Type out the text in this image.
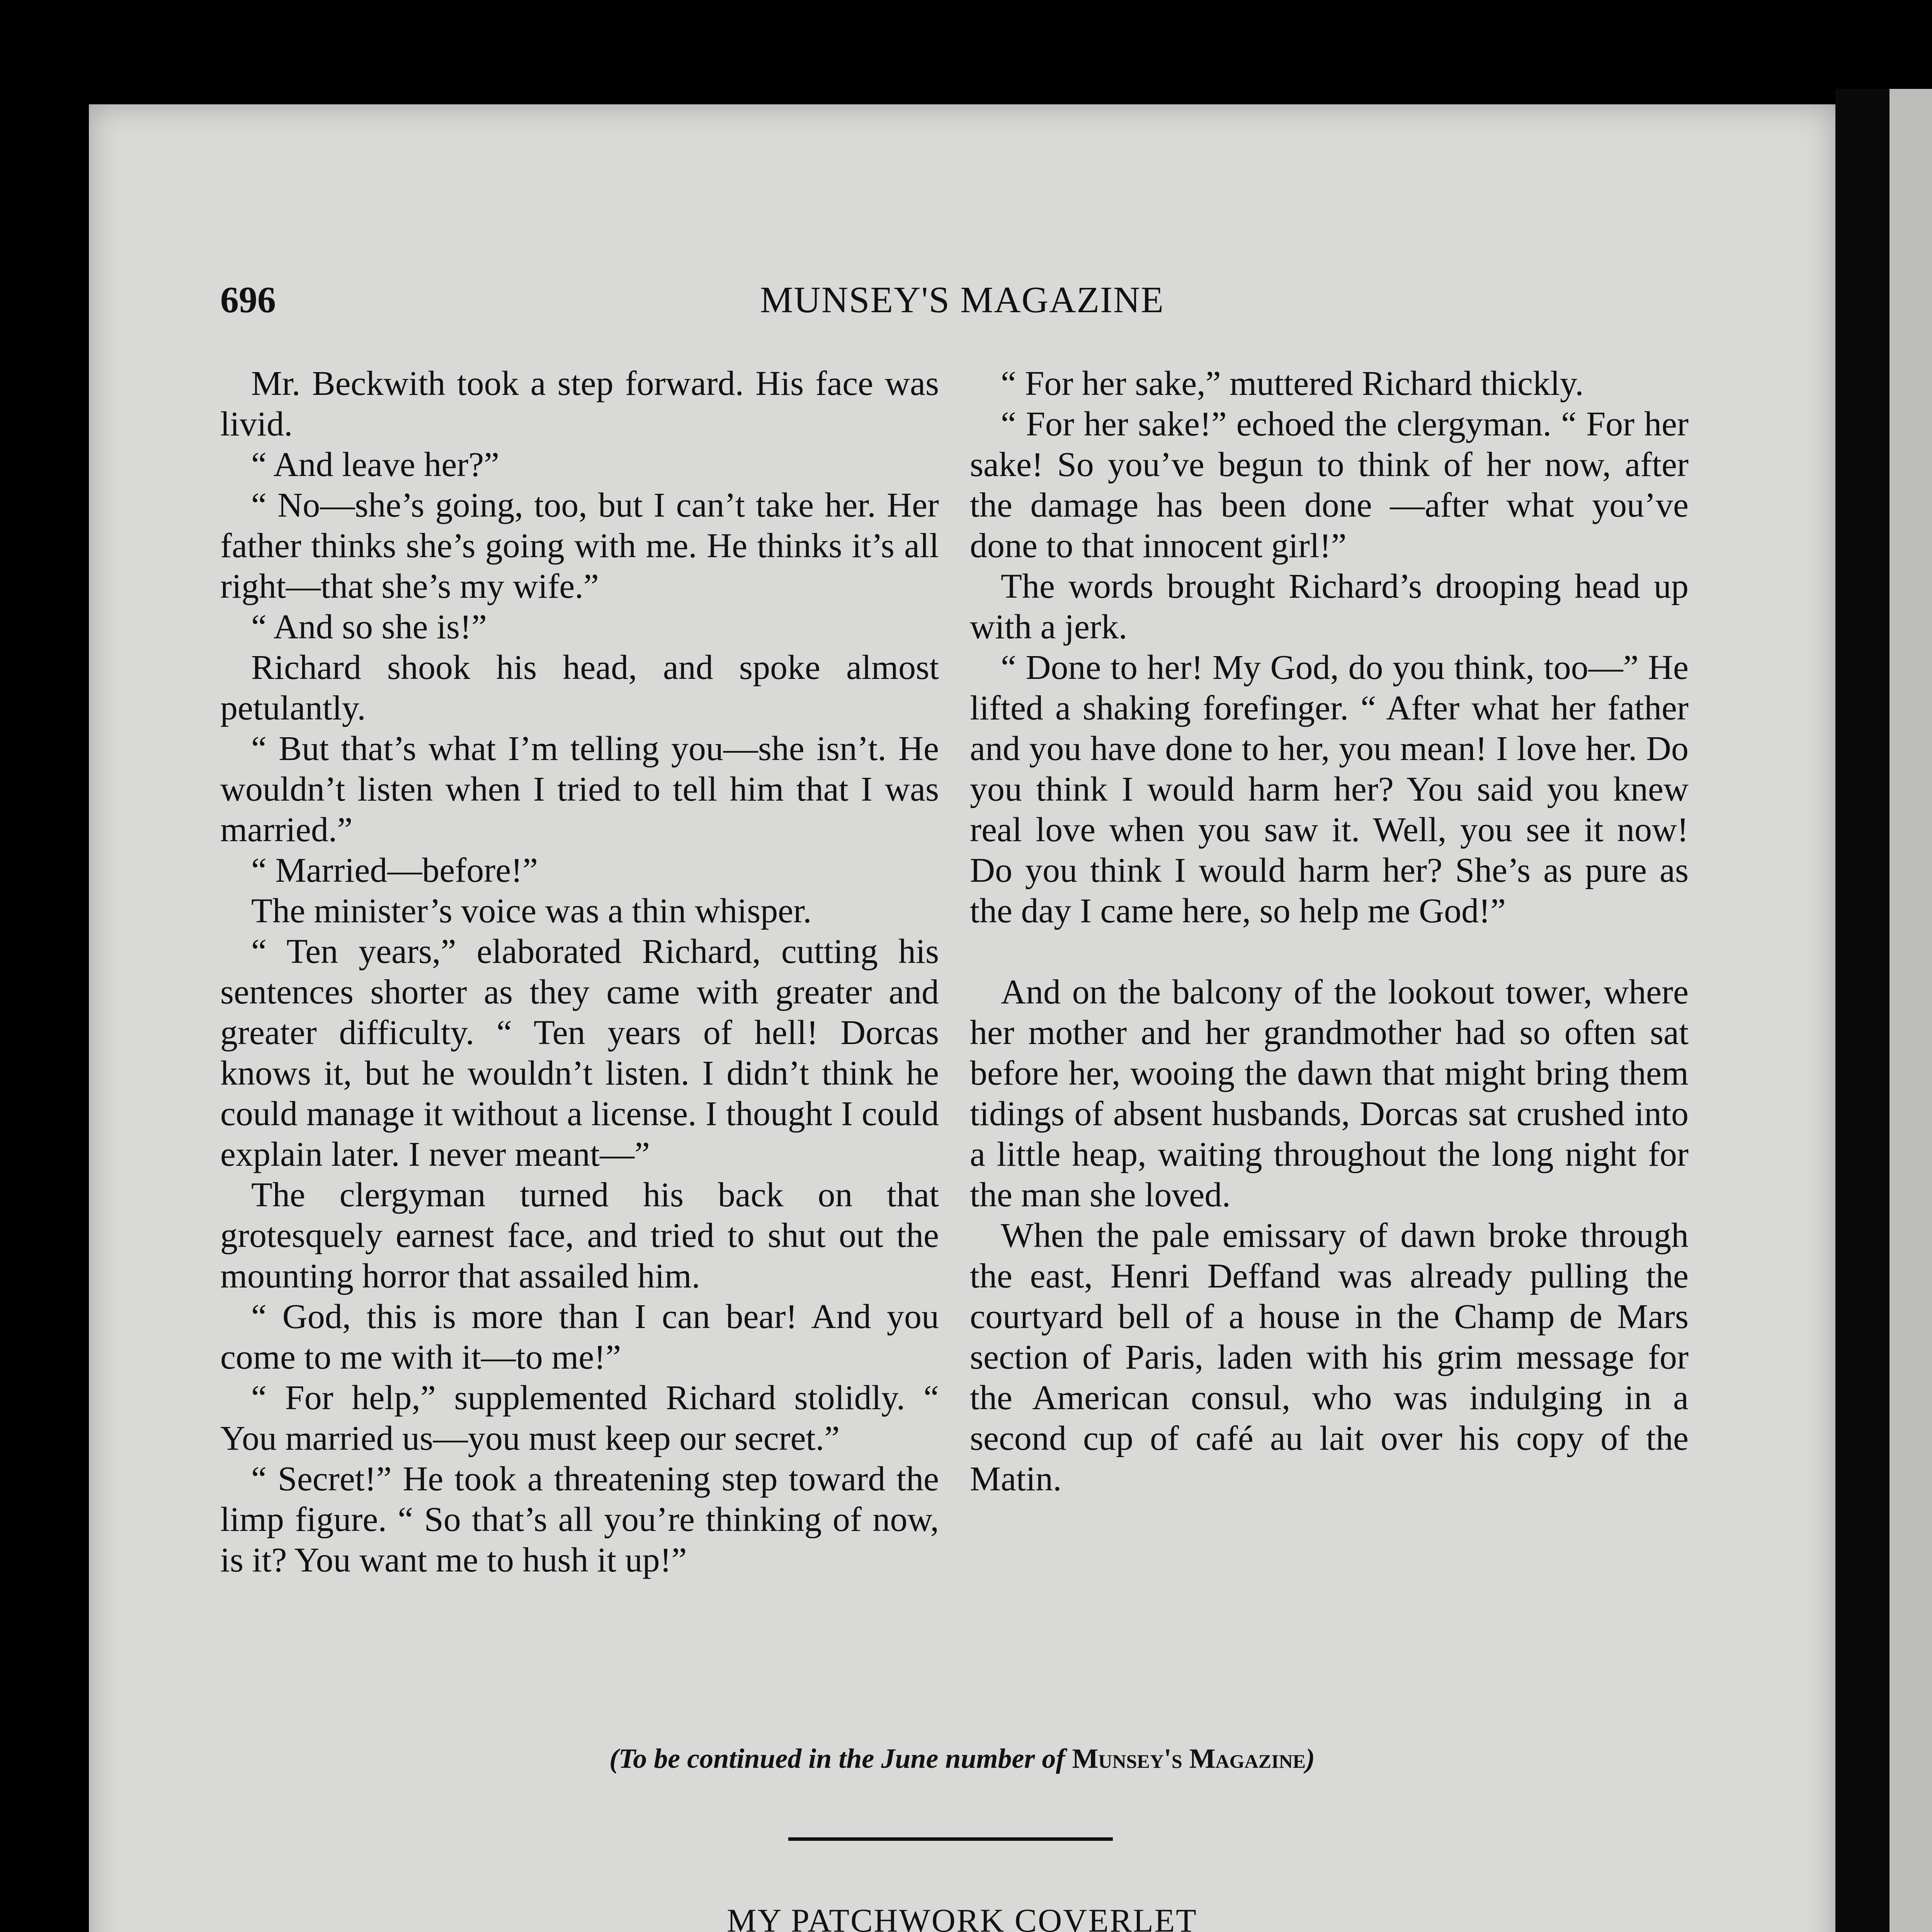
696	MUNSEY'S MAGAZINE

Mr. Beckwith took a step forward. His face was livid.

“ And leave her?”

“ No—she’s going, too, but I can’t take her. Her father thinks she’s going with me. He thinks it’s all right—that she’s my wife.”

“ And so she is!”

Richard shook his head, and spoke almost petulantly.

“ But that’s what I’m telling you—she isn’t. He wouldn’t listen when I tried to tell him that I was married.”

“ Married—before!”

The minister’s voice was a thin whisper.

“ Ten years,” elaborated Richard, cutting his sentences shorter as they came with greater and greater difficulty. “ Ten years of hell! Dorcas knows it, but he wouldn’t listen. I didn’t think he could manage it without a license. I thought I could explain later. I never meant—”

The clergyman turned his back on that grotesquely earnest face, and tried to shut out the mounting horror that assailed him.

“ God, this is more than I can bear! And you come to me with it—to me!”

“ For help,” supplemented Richard stolidly. “ You married us—you must keep our secret.”

“ Secret!” He took a threatening step toward the limp figure. “ So that’s all you’re thinking of now, is it? You want me to hush it up!”

“ For her sake,” muttered Richard thickly.

“ For her sake!” echoed the clergyman. “ For her sake! So you’ve begun to think of her now, after the damage has been done —after what you’ve done to that innocent girl!”

The words brought Richard’s drooping head up with a jerk.

“ Done to her! My God, do you think, too—” He lifted a shaking forefinger. “ After what her father and you have done to her, you mean! I love her. Do you think I would harm her? You said you knew real love when you saw it. Well, you see it now! Do you think I would harm her? She’s as pure as the day I came here, so help me God!”

And on the balcony of the lookout tower, where her mother and her grandmother had so often sat before her, wooing the dawn that might bring them tidings of absent husbands, Dorcas sat crushed into a little heap, waiting throughout the long night for the man she loved.

When the pale emissary of dawn broke through the east, Henri Deffand was already pulling the courtyard bell of a house in the Champ de Mars section of Paris, laden with his grim message for the American consul, who was indulging in a second cup of café au lait over his copy of the Matin.

(To be continued in the June number of Munsey's Magazine)
MY PATCHWORK COVERLET
